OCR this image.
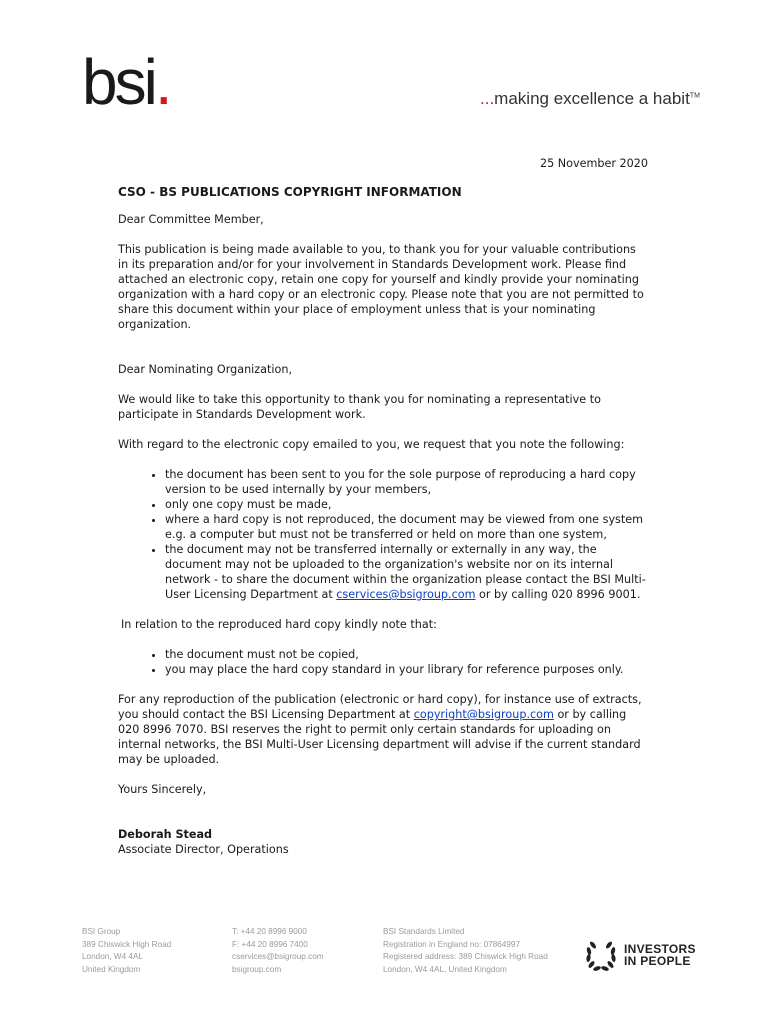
bsi.	...making excellence a habit™
25 November 2020
CSO - BS PUBLICATIONS COPYRIGHT INFORMATION

Dear Committee Member,

This publication is being made available to you, to thank you for your valuable contributions in its preparation and/or for your involvement in Standards Development work. Please find attached an electronic copy, retain one copy for yourself and kindly provide your nominating organization with a hard copy or an electronic copy. Please note that you are not permitted to share this document within your place of employment unless that is your nominating organization.

Dear Nominating Organization,

We would like to take this opportunity to thank you for nominating a representative to participate in Standards Development work.

With regard to the electronic copy emailed to you, we request that you note the following:

• the document has been sent to you for the sole purpose of reproducing a hard copy version to be used internally by your members,
• only one copy must be made,
• where a hard copy is not reproduced, the document may be viewed from one system e.g. a computer but must not be transferred or held on more than one system,
• the document may not be transferred internally or externally in any way, the document may not be uploaded to the organization's website nor on its internal network - to share the document within the organization please contact the BSI Multi-User Licensing Department at cservices@bsigroup.com or by calling 020 8996 9001.

In relation to the reproduced hard copy kindly note that:

• the document must not be copied,
• you may place the hard copy standard in your library for reference purposes only.

For any reproduction of the publication (electronic or hard copy), for instance use of extracts, you should contact the BSI Licensing Department at copyright@bsigroup.com or by calling 020 8996 7070. BSI reserves the right to permit only certain standards for uploading on internal networks, the BSI Multi-User Licensing department will advise if the current standard may be uploaded.

Yours Sincerely,

Deborah Stead

Associate Director, Operations

BSI Group
389 Chiswick High Road
London, W4 4AL
United Kingdom
T: +44 20 8996 9000
F: +44 20 8996 7400
cservices@bsigroup.com
bsigroup.com
BSI Standards Limited
Registration in England no: 07864997
Registered address: 389 Chiswick High Road
London, W4 4AL, United Kingdom
INVESTORS
IN PEOPLE
